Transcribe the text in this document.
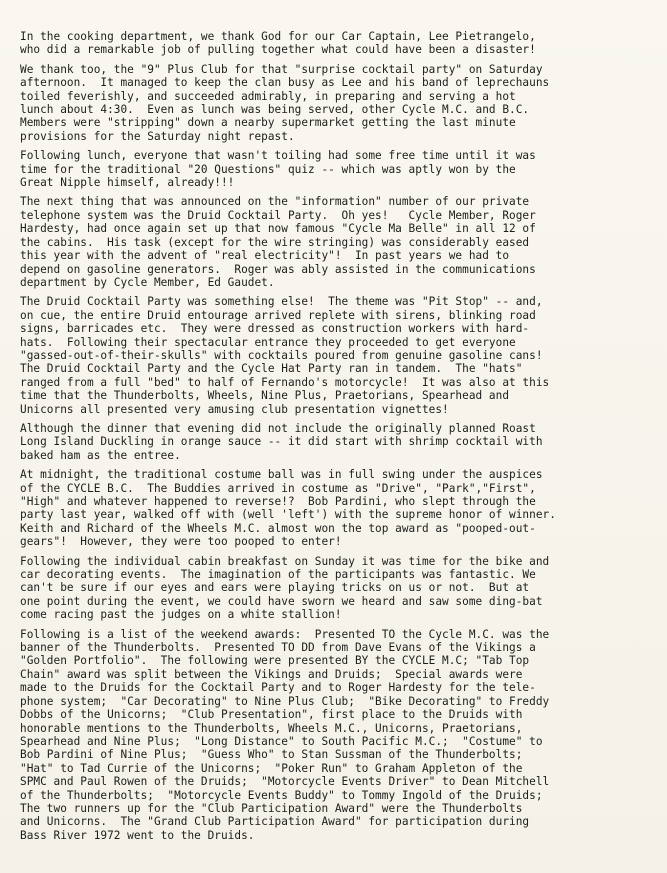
In the cooking department, we thank God for our Car Captain, Lee Pietrangelo,
who did a remarkable job of pulling together what could have been a disaster!
We thank too, the "9" Plus Club for that "surprise cocktail party" on Saturday
afternoon.  It managed to keep the clan busy as Lee and his band of leprechauns
toiled feverishly, and succeeded admirably, in preparing and serving a hot
lunch about 4:30.  Even as lunch was being served, other Cycle M.C. and B.C.
Members were "stripping" down a nearby supermarket getting the last minute
provisions for the Saturday night repast.
Following lunch, everyone that wasn't toiling had some free time until it was
time for the traditional "20 Questions" quiz -- which was aptly won by the
Great Nipple himself, already!!!
The next thing that was announced on the "information" number of our private
telephone system was the Druid Cocktail Party.  Oh yes!   Cycle Member, Roger
Hardesty, had once again set up that now famous "Cycle Ma Belle" in all 12 of
the cabins.  His task (except for the wire stringing) was considerably eased
this year with the advent of "real electricity"!  In past years we had to
depend on gasoline generators.  Roger was ably assisted in the communications
department by Cycle Member, Ed Gaudet.
The Druid Cocktail Party was something else!  The theme was "Pit Stop" -- and,
on cue, the entire Druid entourage arrived replete with sirens, blinking road
signs, barricades etc.  They were dressed as construction workers with hard-
hats.  Following their spectacular entrance they proceeded to get everyone
"gassed-out-of-their-skulls" with cocktails poured from genuine gasoline cans!
The Druid Cocktail Party and the Cycle Hat Party ran in tandem.  The "hats"
ranged from a full "bed" to half of Fernando's motorcycle!  It was also at this
time that the Thunderbolts, Wheels, Nine Plus, Praetorians, Spearhead and
Unicorns all presented very amusing club presentation vignettes!
Although the dinner that evening did not include the originally planned Roast
Long Island Duckling in orange sauce -- it did start with shrimp cocktail with
baked ham as the entree.
At midnight, the traditional costume ball was in full swing under the auspices
of the CYCLE B.C.  The Buddies arrived in costume as "Drive", "Park","First",
"High" and whatever happened to reverse!?  Bob Pardini, who slept through the
party last year, walked off with (well 'left') with the supreme honor of winner.
Keith and Richard of the Wheels M.C. almost won the top award as "pooped-out-
gears"!  However, they were too pooped to enter!
Following the individual cabin breakfast on Sunday it was time for the bike and
car decorating events.  The imagination of the participants was fantastic. We
can't be sure if our eyes and ears were playing tricks on us or not.  But at
one point during the event, we could have sworn we heard and saw some ding-bat
come racing past the judges on a white stallion!
Following is a list of the weekend awards:  Presented TO the Cycle M.C. was the
banner of the Thunderbolts.  Presented TO DD from Dave Evans of the Vikings a
"Golden Portfolio".  The following were presented BY the CYCLE M.C; "Tab Top
Chain" award was split between the Vikings and Druids;  Special awards were
made to the Druids for the Cocktail Party and to Roger Hardesty for the tele-
phone system;  "Car Decorating" to Nine Plus Club;  "Bike Decorating" to Freddy
Dobbs of the Unicorns;  "Club Presentation", first place to the Druids with
honorable mentions to the Thunderbolts, Wheels M.C., Unicorns, Praetorians,
Spearhead and Nine Plus;  "Long Distance" to South Pacific M.C.;  "Costume" to
Bob Pardini of Nine Plus;  "Guess Who" to Stan Sussman of the Thunderbolts;
"Hat" to Tad Currie of the Unicorns;  "Poker Run" to Graham Appleton of the
SPMC and Paul Rowen of the Druids;  "Motorcycle Events Driver" to Dean Mitchell
of the Thunderbolts;  "Motorcycle Events Buddy" to Tommy Ingold of the Druids;
The two runners up for the "Club Participation Award" were the Thunderbolts
and Unicorns.  The "Grand Club Participation Award" for participation during
Bass River 1972 went to the Druids.
